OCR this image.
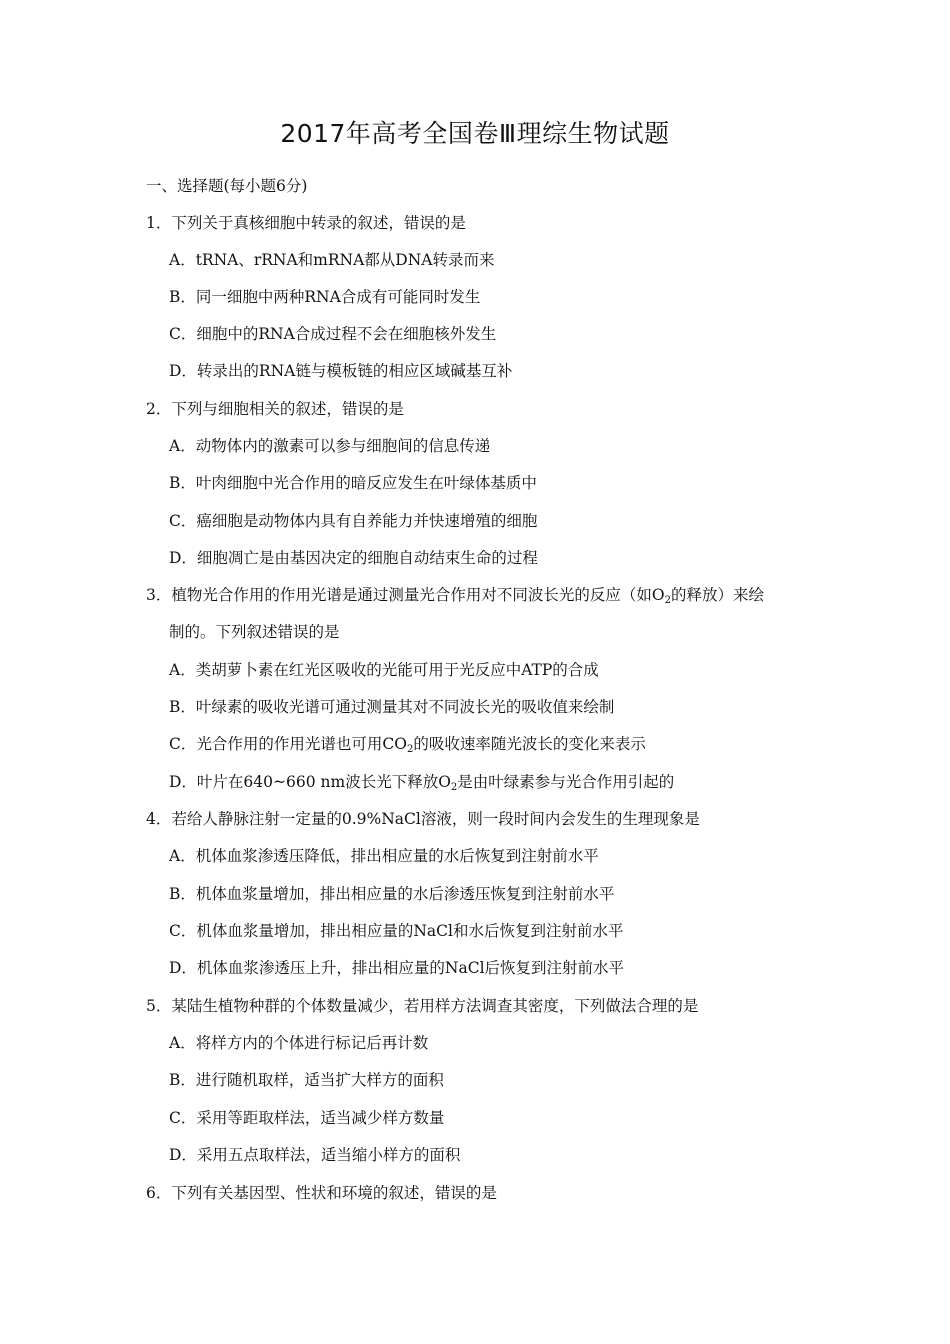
2017年高考全国卷Ⅲ理综生物试题
一、选择题(每小题6分)
1．下列关于真核细胞中转录的叙述，错误的是
A．tRNA、rRNA和mRNA都从DNA转录而来
B．同一细胞中两种RNA合成有可能同时发生
C．细胞中的RNA合成过程不会在细胞核外发生
D．转录出的RNA链与模板链的相应区域碱基互补
2．下列与细胞相关的叙述，错误的是
A．动物体内的激素可以参与细胞间的信息传递
B．叶肉细胞中光合作用的暗反应发生在叶绿体基质中
C．癌细胞是动物体内具有自养能力并快速增殖的细胞
D．细胞凋亡是由基因决定的细胞自动结束生命的过程
3．植物光合作用的作用光谱是通过测量光合作用对不同波长光的反应（如$O_2$的释放）来绘
制的。下列叙述错误的是
A．类胡萝卜素在红光区吸收的光能可用于光反应中ATP的合成
B．叶绿素的吸收光谱可通过测量其对不同波长光的吸收值来绘制
C．光合作用的作用光谱也可用$CO_2$的吸收速率随光波长的变化来表示
D．叶片在640~660 nm波长光下释放$O_2$是由叶绿素参与光合作用引起的
4．若给人静脉注射一定量的0.9%NaCl溶液，则一段时间内会发生的生理现象是
A．机体血浆渗透压降低，排出相应量的水后恢复到注射前水平
B．机体血浆量增加，排出相应量的水后渗透压恢复到注射前水平
C．机体血浆量增加，排出相应量的NaCl和水后恢复到注射前水平
D．机体血浆渗透压上升，排出相应量的NaCl后恢复到注射前水平
5．某陆生植物种群的个体数量减少，若用样方法调查其密度，下列做法合理的是
A．将样方内的个体进行标记后再计数
B．进行随机取样，适当扩大样方的面积
C．采用等距取样法，适当减少样方数量
D．采用五点取样法，适当缩小样方的面积
6．下列有关基因型、性状和环境的叙述，错误的是
